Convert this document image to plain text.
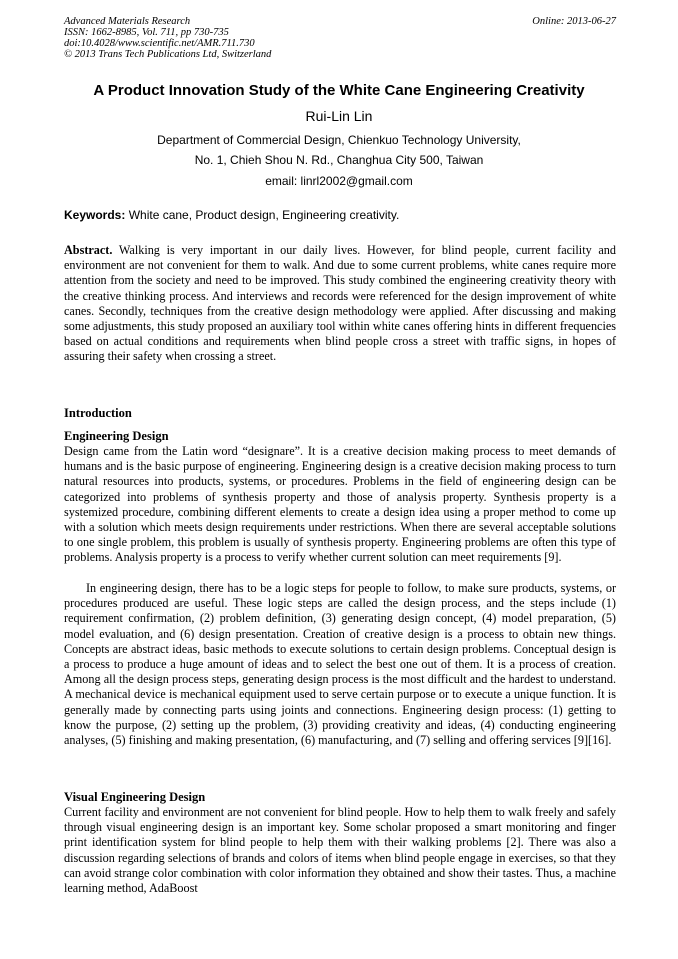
Advanced Materials Research
ISSN: 1662-8985, Vol. 711, pp 730-735
doi:10.4028/www.scientific.net/AMR.711.730
© 2013 Trans Tech Publications Ltd, Switzerland
Online: 2013-06-27
A Product Innovation Study of the White Cane Engineering Creativity
Rui-Lin Lin
Department of Commercial Design, Chienkuo Technology University,
No. 1, Chieh Shou N. Rd., Changhua City 500, Taiwan
email: linrl2002@gmail.com
Keywords: White cane, Product design, Engineering creativity.
Abstract. Walking is very important in our daily lives. However, for blind people, current facility and environment are not convenient for them to walk. And due to some current problems, white canes require more attention from the society and need to be improved. This study combined the engineering creativity theory with the creative thinking process. And interviews and records were referenced for the design improvement of white canes. Secondly, techniques from the creative design methodology were applied. After discussing and making some adjustments, this study proposed an auxiliary tool within white canes offering hints in different frequencies based on actual conditions and requirements when blind people cross a street with traffic signs, in hopes of assuring their safety when crossing a street.
Introduction
Engineering Design
Design came from the Latin word “designare”. It is a creative decision making process to meet demands of humans and is the basic purpose of engineering. Engineering design is a creative decision making process to turn natural resources into products, systems, or procedures. Problems in the field of engineering design can be categorized into problems of synthesis property and those of analysis property. Synthesis property is a systemized procedure, combining different elements to create a design idea using a proper method to come up with a solution which meets design requirements under restrictions. When there are several acceptable solutions to one single problem, this problem is usually of synthesis property. Engineering problems are often this type of problems. Analysis property is a process to verify whether current solution can meet requirements [9].
In engineering design, there has to be a logic steps for people to follow, to make sure products, systems, or procedures produced are useful. These logic steps are called the design process, and the steps include (1) requirement confirmation, (2) problem definition, (3) generating design concept, (4) model preparation, (5) model evaluation, and (6) design presentation. Creation of creative design is a process to obtain new things. Concepts are abstract ideas, basic methods to execute solutions to certain design problems. Conceptual design is a process to produce a huge amount of ideas and to select the best one out of them. It is a process of creation. Among all the design process steps, generating design process is the most difficult and the hardest to understand. A mechanical device is mechanical equipment used to serve certain purpose or to execute a unique function. It is generally made by connecting parts using joints and connections. Engineering design process: (1) getting to know the purpose, (2) setting up the problem, (3) providing creativity and ideas, (4) conducting engineering analyses, (5) finishing and making presentation, (6) manufacturing, and (7) selling and offering services [9][16].
Visual Engineering Design
Current facility and environment are not convenient for blind people. How to help them to walk freely and safely through visual engineering design is an important key. Some scholar proposed a smart monitoring and finger print identification system for blind people to help them with their walking problems [2]. There was also a discussion regarding selections of brands and colors of items when blind people engage in exercises, so that they can avoid strange color combination with color information they obtained and show their tastes. Thus, a machine learning method, AdaBoost
